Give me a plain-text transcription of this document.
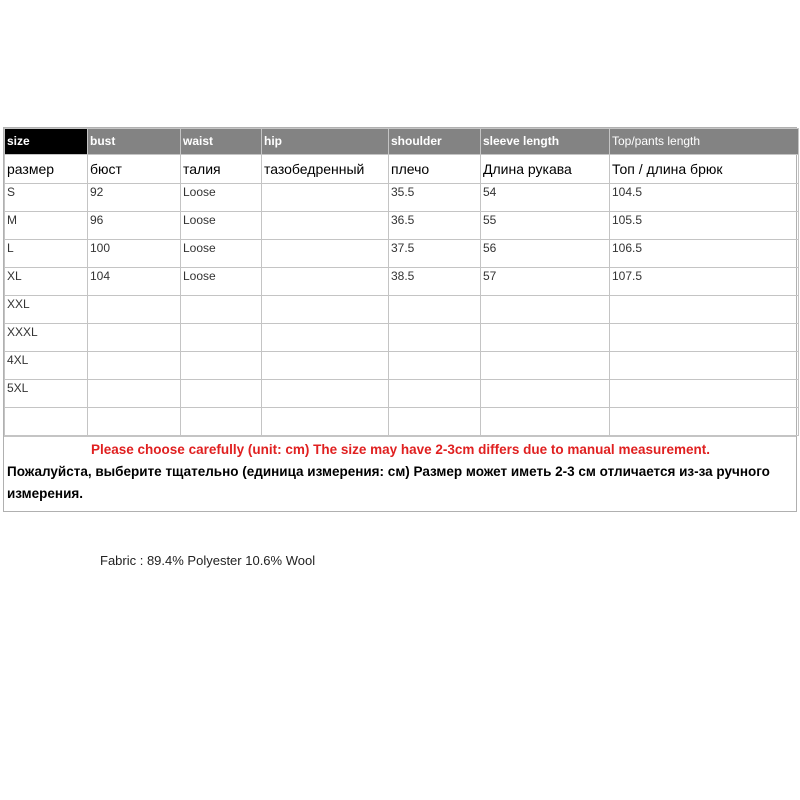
size	bust	waist	hip	shoulder	sleeve length	Top/pants length
размер	бюст	талия	тазобедренный	плечо	Длина рукава	Топ / длина брюк
S	92	Loose		35.5	54	104.5
M	96	Loose		36.5	55	105.5
L	100	Loose		37.5	56	106.5
XL	104	Loose		38.5	57	107.5
XXL						
XXXL						
4XL						
5XL						

Please choose carefully (unit: cm) The size may have 2-3cm differs due to manual measurement.
Пожалуйста, выберите тщательно (единица измерения: см) Размер может иметь 2-3 см отличается из-за ручного измерения.
Fabric : 89.4% Polyester 10.6% Wool
